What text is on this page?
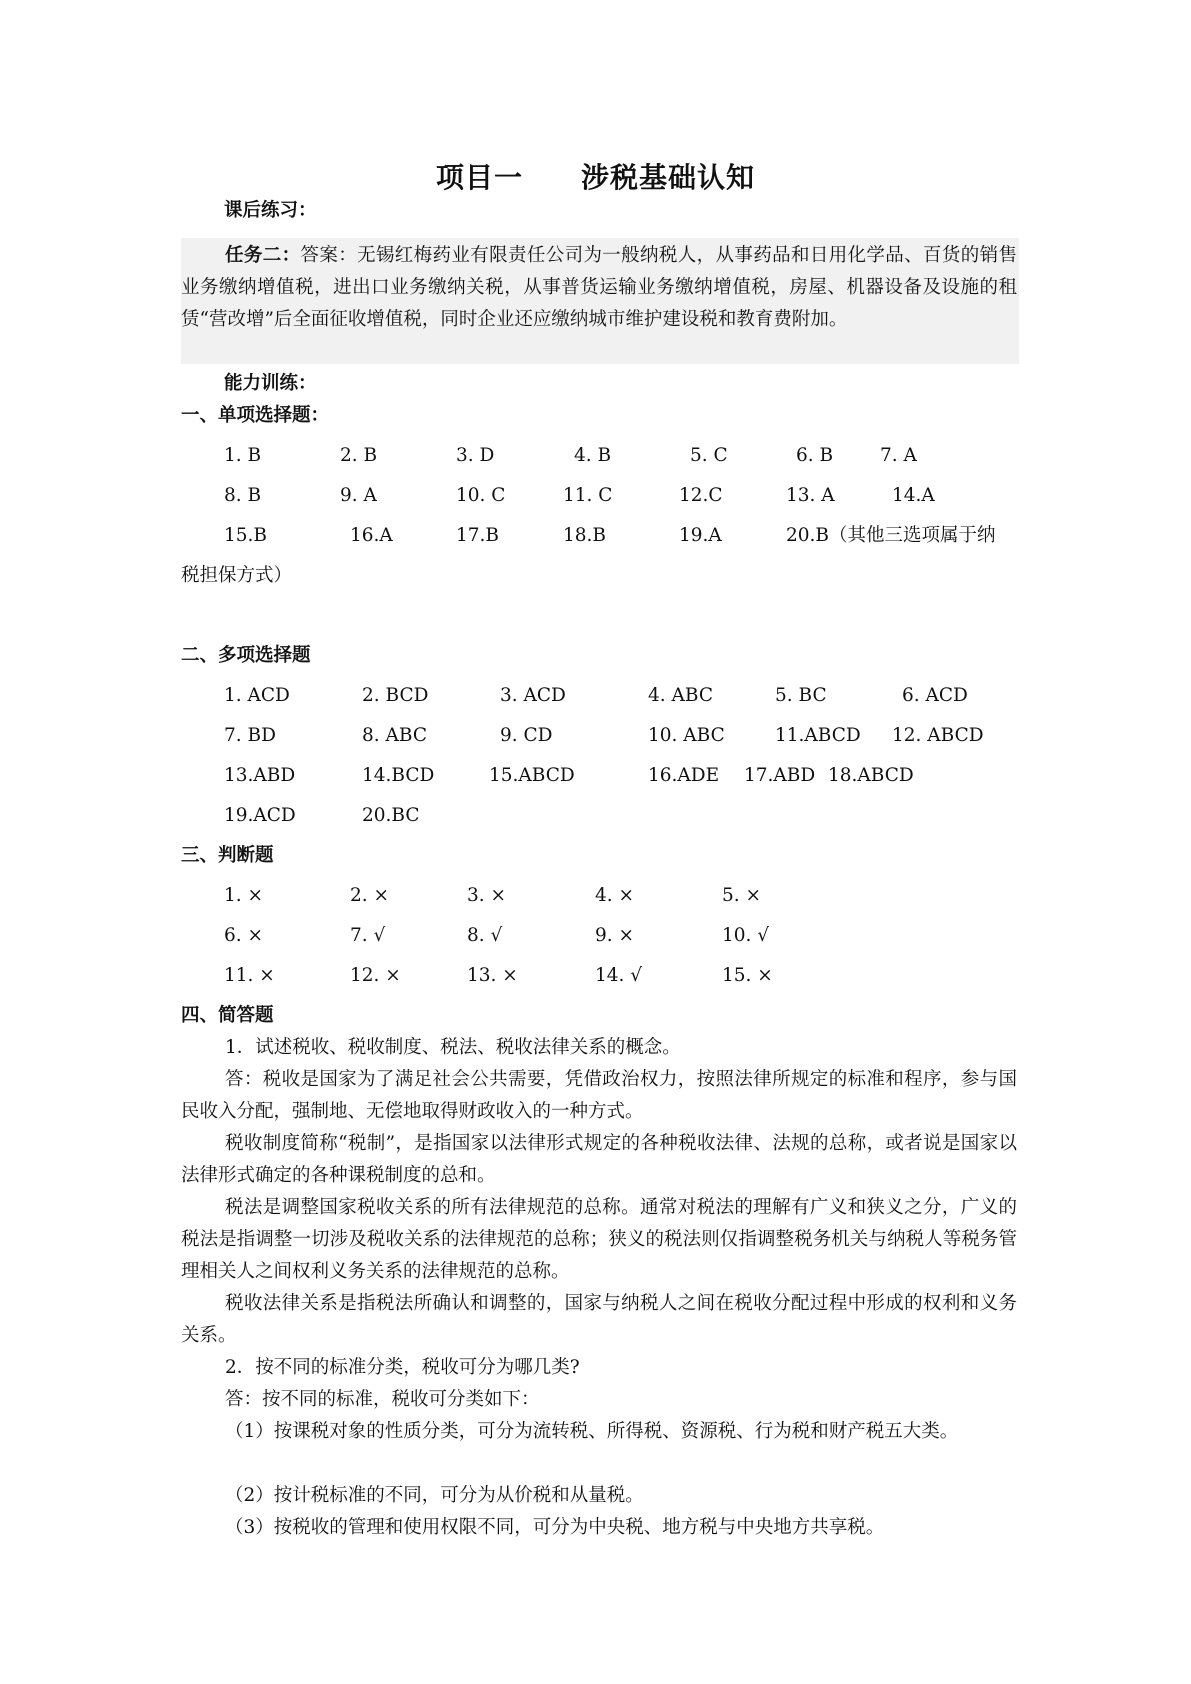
项目一　　涉税基础认知
课后练习：
任务二：答案：无锡红梅药业有限责任公司为一般纳税人，从事药品和日用化学品、百货的销售业务缴纳增值税，进出口业务缴纳关税，从事普货运输业务缴纳增值税，房屋、机器设备及设施的租赁“营改增”后全面征收增值税，同时企业还应缴纳城市维护建设税和教育费附加。
能力训练：
一、单项选择题：
1. B	2. B	3. D	4. B	5. C	6. B	7. A
8. B	9. A	10. C	11. C	12.C	13. A	14.A
15.B	16.A	17.B	18.B	19.A	20.B（其他三选项属于纳
税担保方式）
二、多项选择题
1. ACD	2. BCD	3. ACD	4. ABC	5. BC	6. ACD
7. BD	8. ABC	9. CD	10. ABC	11.ABCD 12. ABCD
13.ABD	14.BCD	15.ABCD	16.ADE 17.ABD 18.ABCD
19.ACD	20.BC
三、判断题
1. ×	2. ×	3. ×	4. ×	5. ×
6. ×	7. √	8. √	9. ×	10. √
11. ×	12. ×	13. ×	14. √	15. ×
四、简答题
1．试述税收、税收制度、税法、税收法律关系的概念。
答：税收是国家为了满足社会公共需要，凭借政治权力，按照法律所规定的标准和程序，参与国民收入分配，强制地、无偿地取得财政收入的一种方式。
税收制度简称“税制”，是指国家以法律形式规定的各种税收法律、法规的总称，或者说是国家以法律形式确定的各种课税制度的总和。
税法是调整国家税收关系的所有法律规范的总称。通常对税法的理解有广义和狭义之分，广义的税法是指调整一切涉及税收关系的法律规范的总称；狭义的税法则仅指调整税务机关与纳税人等税务管理相关人之间权利义务关系的法律规范的总称。
税收法律关系是指税法所确认和调整的，国家与纳税人之间在税收分配过程中形成的权利和义务关系。
2．按不同的标准分类，税收可分为哪几类?
答：按不同的标准，税收可分类如下：
（1）按课税对象的性质分类，可分为流转税、所得税、资源税、行为税和财产税五大类。
（2）按计税标准的不同，可分为从价税和从量税。
（3）按税收的管理和使用权限不同，可分为中央税、地方税与中央地方共享税。
